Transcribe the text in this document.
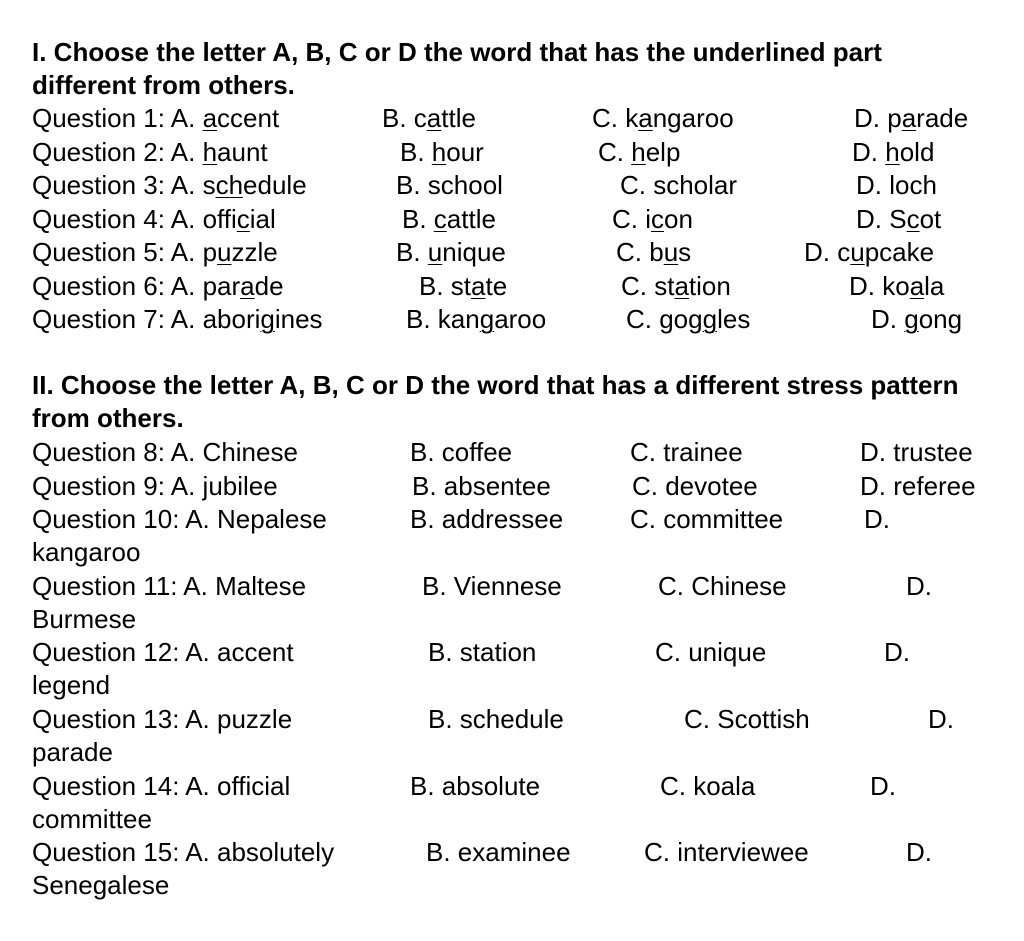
I. Choose the letter A, B, C or D the word that has the underlined part different from others.

Question 1: A. accent	B. cattle	C. kangaroo	D. parade
Question 2: A. haunt	B. hour	C. help	D. hold
Question 3: A. schedule	B. school	C. scholar	D. loch
Question 4: A. official	B. cattle	C. icon	D. Scot
Question 5: A. puzzle	B. unique	C. bus	D. cupcake
Question 6: A. parade	B. state	C. station	D. koala
Question 7: A. aborigines	B. kangaroo	C. goggles	D. gong

II. Choose the letter A, B, C or D the word that has a different stress pattern from others.

Question 8: A. Chinese	B. coffee	C. trainee	D. trustee
Question 9: A. jubilee	B. absentee	C. devotee	D. referee
Question 10: A. Nepalese	B. addressee	C. committee	D.
kangaroo
Question 11: A. Maltese	B. Viennese	C. Chinese	D.
Burmese
Question 12: A. accent	B. station	C. unique	D.
legend
Question 13: A. puzzle	B. schedule	C. Scottish	D.
parade
Question 14: A. official	B. absolute	C. koala	D.
committee
Question 15: A. absolutely	B. examinee	C. interviewee	D.
Senegalese
